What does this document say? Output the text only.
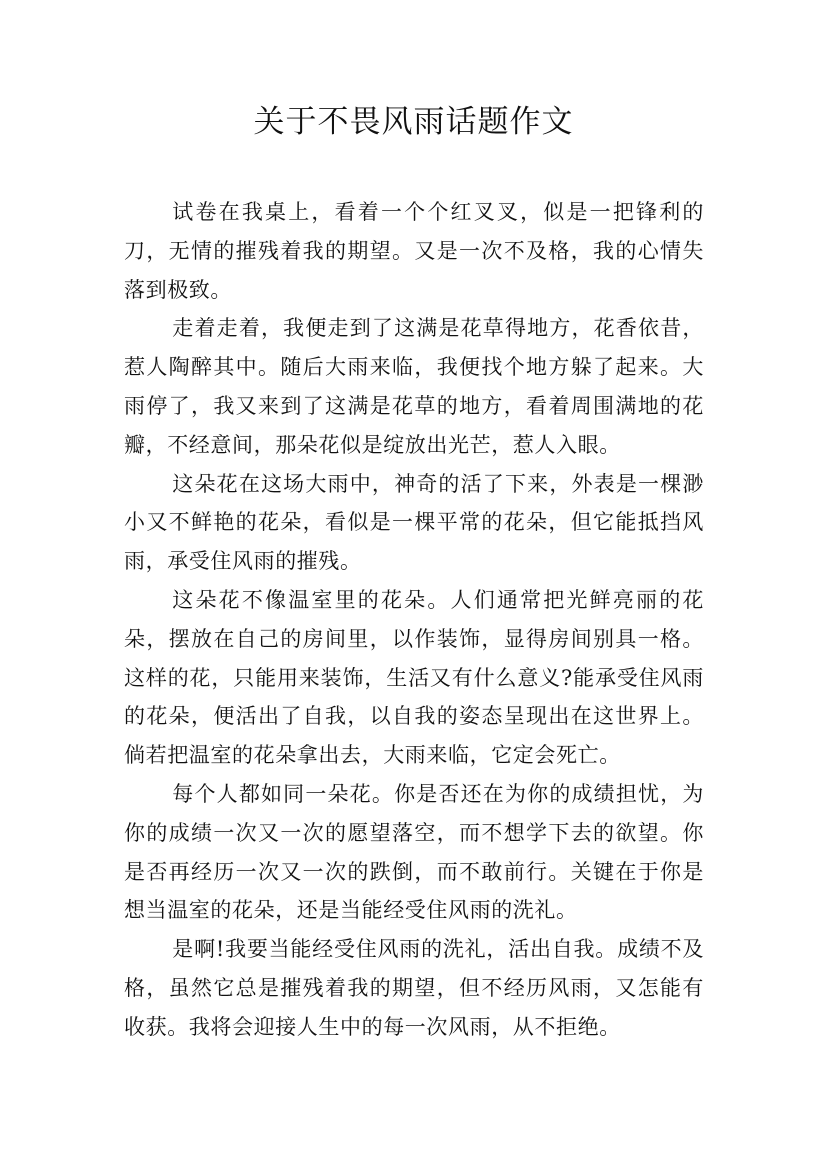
关于不畏风雨话题作文

试卷在我桌上，看着一个个红叉叉，似是一把锋利的刀，无情的摧残着我的期望。又是一次不及格，我的心情失落到极致。

走着走着，我便走到了这满是花草得地方，花香依昔，惹人陶醉其中。随后大雨来临，我便找个地方躲了起来。大雨停了，我又来到了这满是花草的地方，看着周围满地的花瓣，不经意间，那朵花似是绽放出光芒，惹人入眼。

这朵花在这场大雨中，神奇的活了下来，外表是一棵渺小又不鲜艳的花朵，看似是一棵平常的花朵，但它能抵挡风雨，承受住风雨的摧残。

这朵花不像温室里的花朵。人们通常把光鲜亮丽的花朵，摆放在自己的房间里，以作装饰，显得房间别具一格。这样的花，只能用来装饰，生活又有什么意义?能承受住风雨的花朵，便活出了自我，以自我的姿态呈现出在这世界上。倘若把温室的花朵拿出去，大雨来临，它定会死亡。

每个人都如同一朵花。你是否还在为你的成绩担忧，为你的成绩一次又一次的愿望落空，而不想学下去的欲望。你是否再经历一次又一次的跌倒，而不敢前行。关键在于你是想当温室的花朵，还是当能经受住风雨的洗礼。

是啊!我要当能经受住风雨的洗礼，活出自我。成绩不及格，虽然它总是摧残着我的期望，但不经历风雨，又怎能有收获。我将会迎接人生中的每一次风雨，从不拒绝。
